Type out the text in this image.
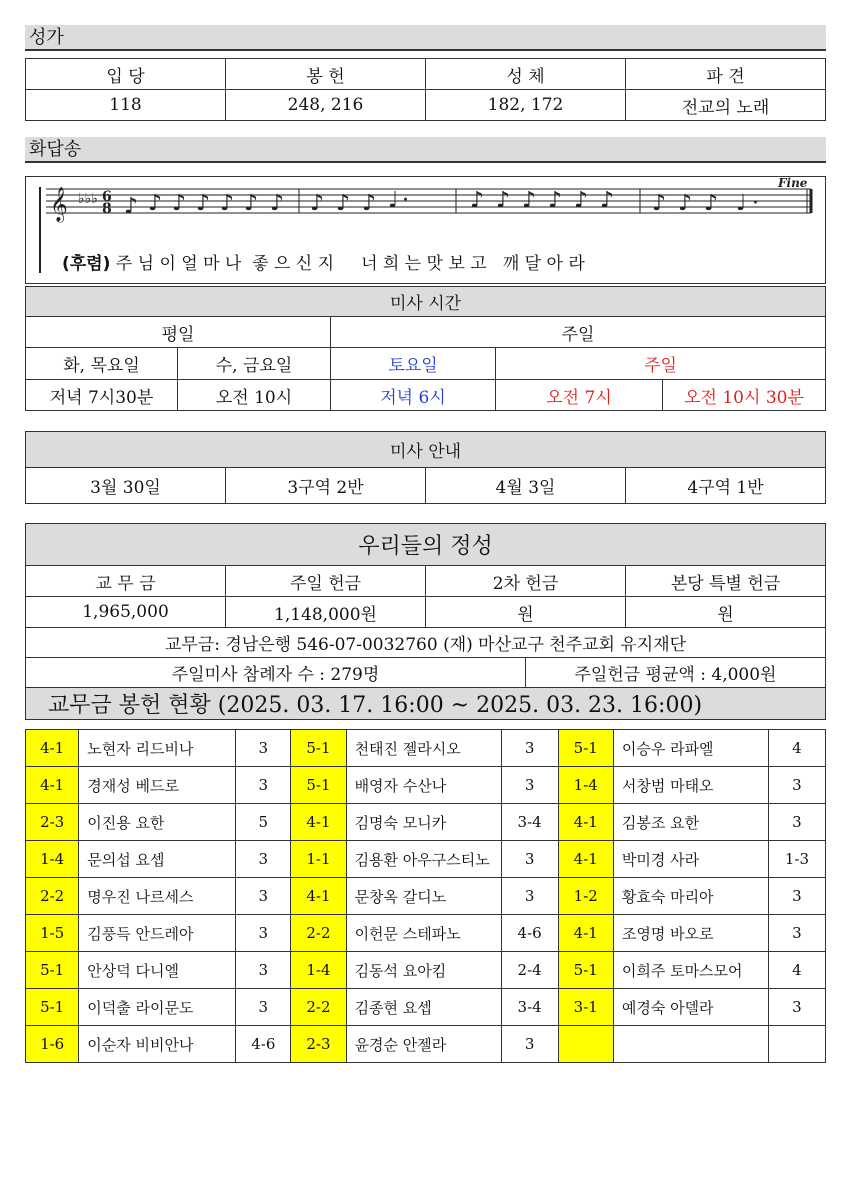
성가
입 당	봉 헌	성 체	파 견
118	248, 216	182, 172	전교의 노래
화답송
𝄞 ♭♭♭ 6
8 ♪ ♪ ♪ ♪ ♪ ♪ ♪ ♪ ♪ ♪ ♩ ·	♪ ♪ ♪ ♪ ♪ ♪ ♪ ♪ ♪ ♩ ·
Fine
(후렴) 주 님 이 얼 마 나  좋 으 신 지     너 희 는 맛 보 고   깨 달 아 라
미사 시간				
평일		주일		
화, 목요일	수, 금요일	토요일	주일	
저녁 7시30분	오전 10시	저녁 6시	오전 7시	오전 10시 30분
미사 안내
3월 30일	3구역 2반	4월 3일	4구역 1반
우리들의 정성				
교 무 금	주일 헌금	2차 헌금		본당 특별 헌금
1,965,000	1,148,000원	원		원
교무금: 경남은행 546-07-0032760 (재) 마산교구 천주교회 유지재단				
주일미사 참례자 수 : 279명			주일헌금 평균액 : 4,000원	
교무금 봉헌 현황 (2025. 03. 17. 16:00 ~ 2025. 03. 23. 16:00)				
4-1	노현자 리드비나	3	5-1	천태진 젤라시오	3	5-1	이승우 라파엘	4
4-1	경재성 베드로	3	5-1	배영자 수산나	3	1-4	서창범 마태오	3
2-3	이진용 요한	5	4-1	김명숙 모니카	3-4	4-1	김봉조 요한	3
1-4	문의섭 요셉	3	1-1	김용환 아우구스티노	3	4-1	박미경 사라	1-3
2-2	명우진 나르세스	3	4-1	문창옥 갈디노	3	1-2	황효숙 마리아	3
1-5	김풍득 안드레아	3	2-2	이헌문 스테파노	4-6	4-1	조영명 바오로	3
5-1	안상덕 다니엘	3	1-4	김동석 요아킴	2-4	5-1	이희주 토마스모어	4
5-1	이덕출 라이문도	3	2-2	김종현 요셉	3-4	3-1	예경숙 아델라	3
1-6	이순자 비비안나	4-6	2-3	윤경순 안젤라	3			
